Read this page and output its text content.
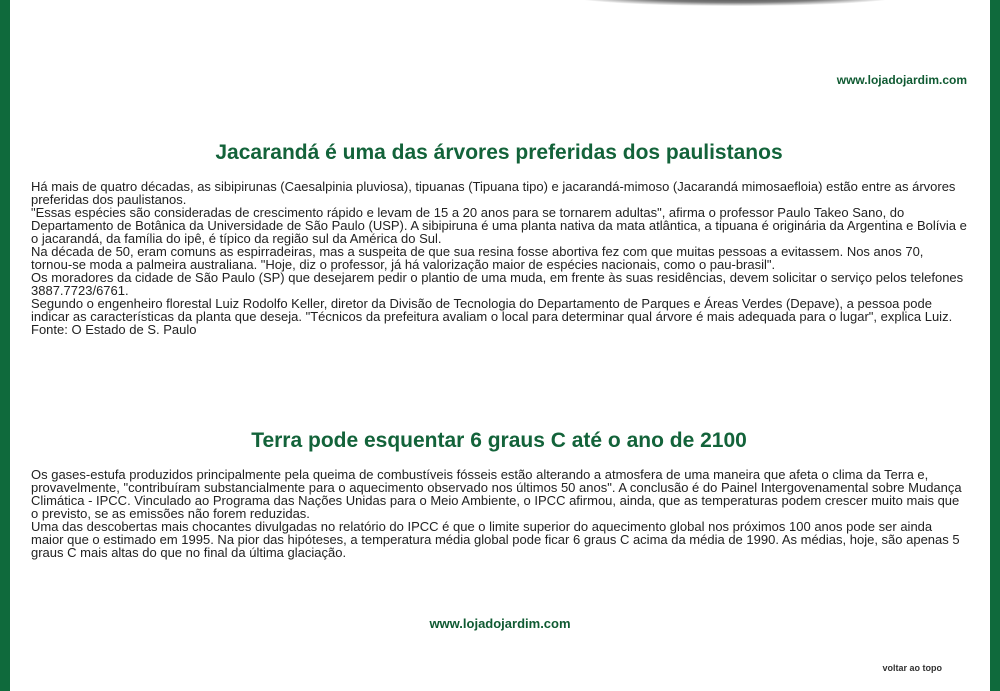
www.lojadojardim.com
Jacarandá é uma das árvores preferidas dos paulistanos

Há mais de quatro décadas, as sibipirunas (Caesalpinia pluviosa), tipuanas (Tipuana tipo) e jacarandá-mimoso (Jacarandá mimosaefloia) estão entre as árvores preferidas dos paulistanos.

"Essas espécies são consideradas de crescimento rápido e levam de 15 a 20 anos para se tornarem adultas", afirma o professor Paulo Takeo Sano, do Departamento de Botânica da Universidade de São Paulo (USP). A sibipiruna é uma planta nativa da mata atlântica, a tipuana é originária da Argentina e Bolívia e o jacarandá, da família do ipê, é típico da região sul da América do Sul.

Na década de 50, eram comuns as espirradeiras, mas a suspeita de que sua resina fosse abortiva fez com que muitas pessoas a evitassem. Nos anos 70, tornou-se moda a palmeira australiana. "Hoje, diz o professor, já há valorização maior de espécies nacionais, como o pau-brasil".

Os moradores da cidade de São Paulo (SP) que desejarem pedir o plantio de uma muda, em frente às suas residências, devem solicitar o serviço pelos telefones 3887.7723/6761.

Segundo o engenheiro florestal Luiz Rodolfo Keller, diretor da Divisão de Tecnologia do Departamento de Parques e Áreas Verdes (Depave), a pessoa pode indicar as características da planta que deseja. "Técnicos da prefeitura avaliam o local para determinar qual árvore é mais adequada para o lugar", explica Luiz.

Fonte: O Estado de S. Paulo

Terra pode esquentar 6 graus C até o ano de 2100

Os gases-estufa produzidos principalmente pela queima de combustíveis fósseis estão alterando a atmosfera de uma maneira que afeta o clima da Terra e, provavelmente, "contribuíram substancialmente para o aquecimento observado nos últimos 50 anos". A conclusão é do Painel Intergovenamental sobre Mudança Climática - IPCC. Vinculado ao Programa das Nações Unidas para o Meio Ambiente, o IPCC afirmou, ainda, que as temperaturas podem crescer muito mais que o previsto, se as emissões não forem reduzidas.

Uma das descobertas mais chocantes divulgadas no relatório do IPCC é que o limite superior do aquecimento global nos próximos 100 anos pode ser ainda maior que o estimado em 1995. Na pior das hipóteses, a temperatura média global pode ficar 6 graus C acima da média de 1990. As médias, hoje, são apenas 5 graus C mais altas do que no final da última glaciação.

www.lojadojardim.com
voltar ao topo
